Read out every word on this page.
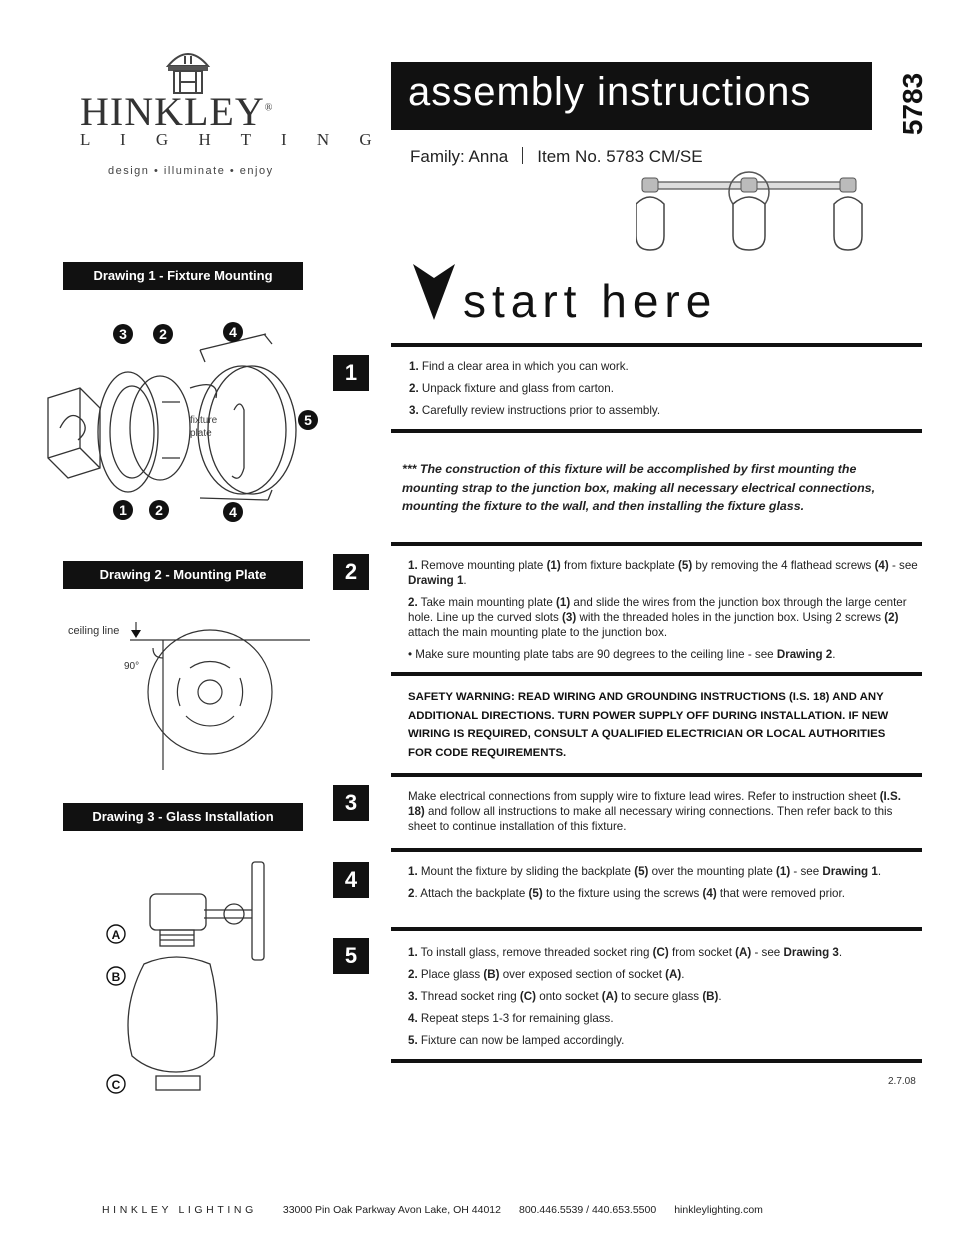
HINKLEY®
L I G H T I N G
design • illuminate • enjoy
assembly instructions	5783
Family: Anna Item No. 5783 CM/SE
start here
Drawing 1 - Fixture Mounting
Drawing 2 - Mounting Plate
Drawing 3 - Glass Installation
3 2	4
5
1 2	4
fixture
plate
ceiling line
90°
A
B
C
1
2
3
4
5

1. Find a clear area in which you can work.

2. Unpack fixture and glass from carton.

3. Carefully review instructions prior to assembly.

*** The construction of this fixture will be accomplished by first mounting the mounting strap to the junction box, making all necessary electrical connections, mounting the fixture to the wall, and then installing the fixture glass.

1. Remove mounting plate (1) from fixture backplate (5) by removing the 4 flathead screws (4) - see Drawing 1.

2. Take main mounting plate (1) and slide the wires from the junction box through the large center hole. Line up the curved slots (3) with the threaded holes in the junction box. Using 2 screws (2) attach the main mounting plate to the junction box.

• Make sure mounting plate tabs are 90 degrees to the ceiling line - see Drawing 2.

SAFETY WARNING: READ WIRING AND GROUNDING INSTRUCTIONS (I.S. 18) AND ANY ADDITIONAL DIRECTIONS. TURN POWER SUPPLY OFF DURING INSTALLATION. IF NEW WIRING IS REQUIRED, CONSULT A QUALIFIED ELECTRICIAN OR LOCAL AUTHORITIES FOR CODE REQUIREMENTS.

Make electrical connections from supply wire to fixture lead wires. Refer to instruction sheet (I.S. 18) and follow all instructions to make all necessary wiring connections. Then refer back to this sheet to continue installation of this fixture.

1. Mount the fixture by sliding the backplate (5) over the mounting plate (1) - see Drawing 1.

2. Attach the backplate (5) to the fixture using the screws (4) that were removed prior.

1. To install glass, remove threaded socket ring (C) from socket (A) - see Drawing 3.

2. Place glass (B) over exposed section of socket (A).

3. Thread socket ring (C) onto socket (A) to secure glass (B).

4. Repeat steps 1-3 for remaining glass.

5. Fixture can now be lamped accordingly.

2.7.08
HINKLEY LIGHTING 33000 Pin Oak Parkway Avon Lake, OH 44012 800.446.5539 / 440.653.5500 hinkleylighting.com
